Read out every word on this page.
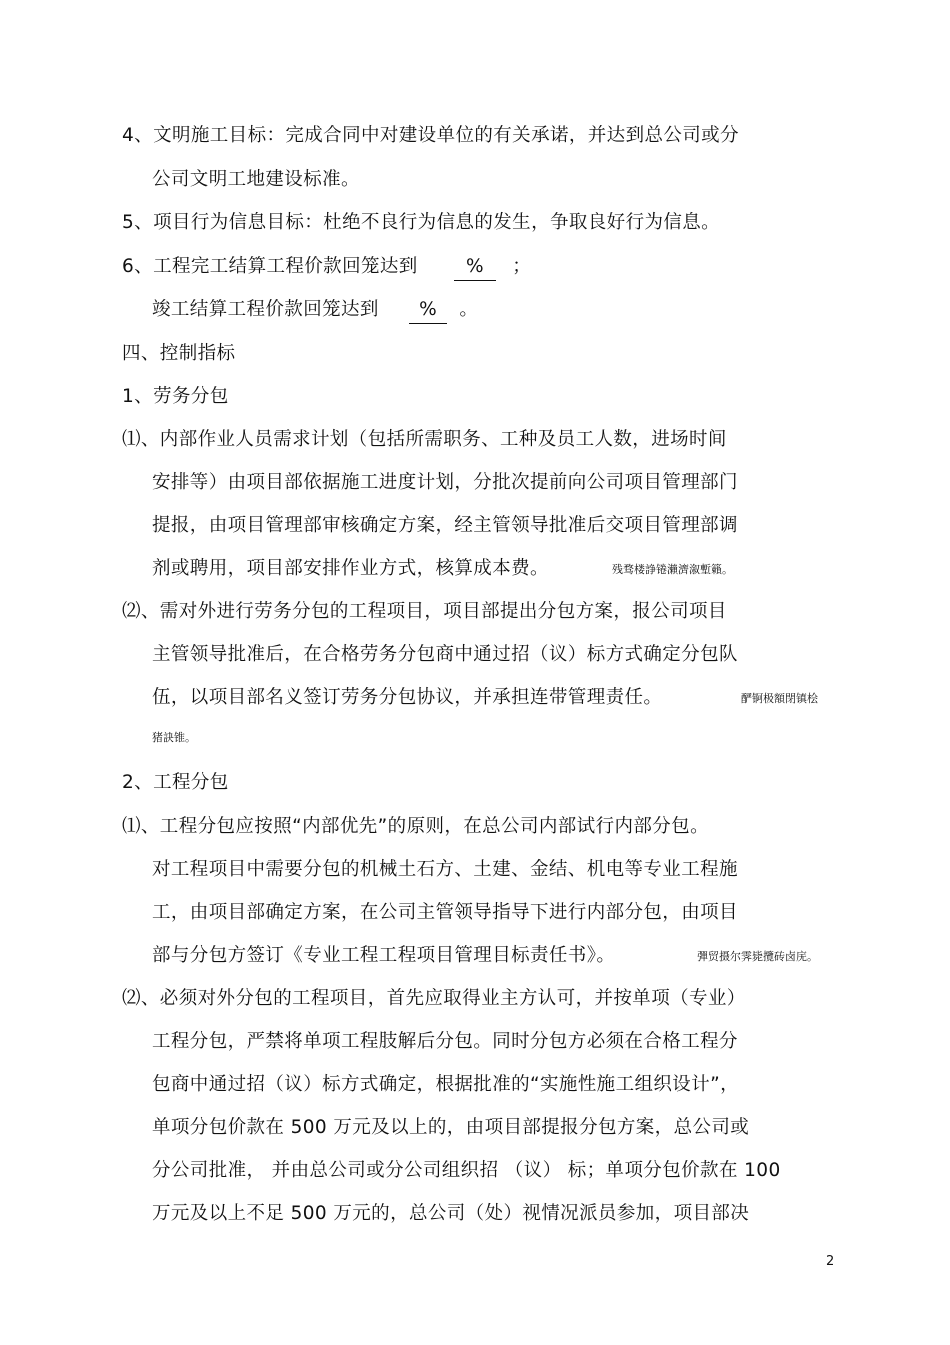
4、文明施工目标：完成合同中对建设单位的有关承诺，并达到总公司或分
公司文明工地建设标准。
5、项目行为信息目标：杜绝不良行为信息的发生，争取良好行为信息。
6、工程完工结算工程价款回笼达到	% ；
竣工结算工程价款回笼达到 % 。
四、控制指标
1、劳务分包
⑴、内部作业人员需求计划（包括所需职务、工种及员工人数，进场时间
安排等）由项目部依据施工进度计划，分批次提前向公司项目管理部门
提报，由项目管理部审核确定方案，经主管领导批准后交项目管理部调
剂或聘用，项目部安排作业方式，核算成本费。	残骛楼諍锩瀨濟溆塹籟。
⑵、需对外进行劳务分包的工程项目，项目部提出分包方案，报公司项目
主管领导批准后，在合格劳务分包商中通过招（议）标方式确定分包队
伍，以项目部名义签订劳务分包协议，并承担连带管理责任。	酽锕极額閉镇桧
猪訣锥。
2、工程分包
⑴、工程分包应按照“内部优先”的原则，在总公司内部试行内部分包。
对工程项目中需要分包的机械土石方、土建、金结、机电等专业工程施
工，由项目部确定方案，在公司主管领导指导下进行内部分包，由项目
部与分包方签订《专业工程工程项目管理目标责任书》。	彈贸摄尔霁毙攬砖卤庑。
⑵、必须对外分包的工程项目，首先应取得业主方认可，并按单项（专业）
工程分包，严禁将单项工程肢解后分包。同时分包方必须在合格工程分
包商中通过招（议）标方式确定，根据批准的“实施性施工组织设计”，
单项分包价款在 500 万元及以上的，由项目部提报分包方案，总公司或
分公司批准， 并由总公司或分公司组织招 （议） 标；单项分包价款在 100
万元及以上不足 500 万元的，总公司（处）视情况派员参加，项目部决
2
